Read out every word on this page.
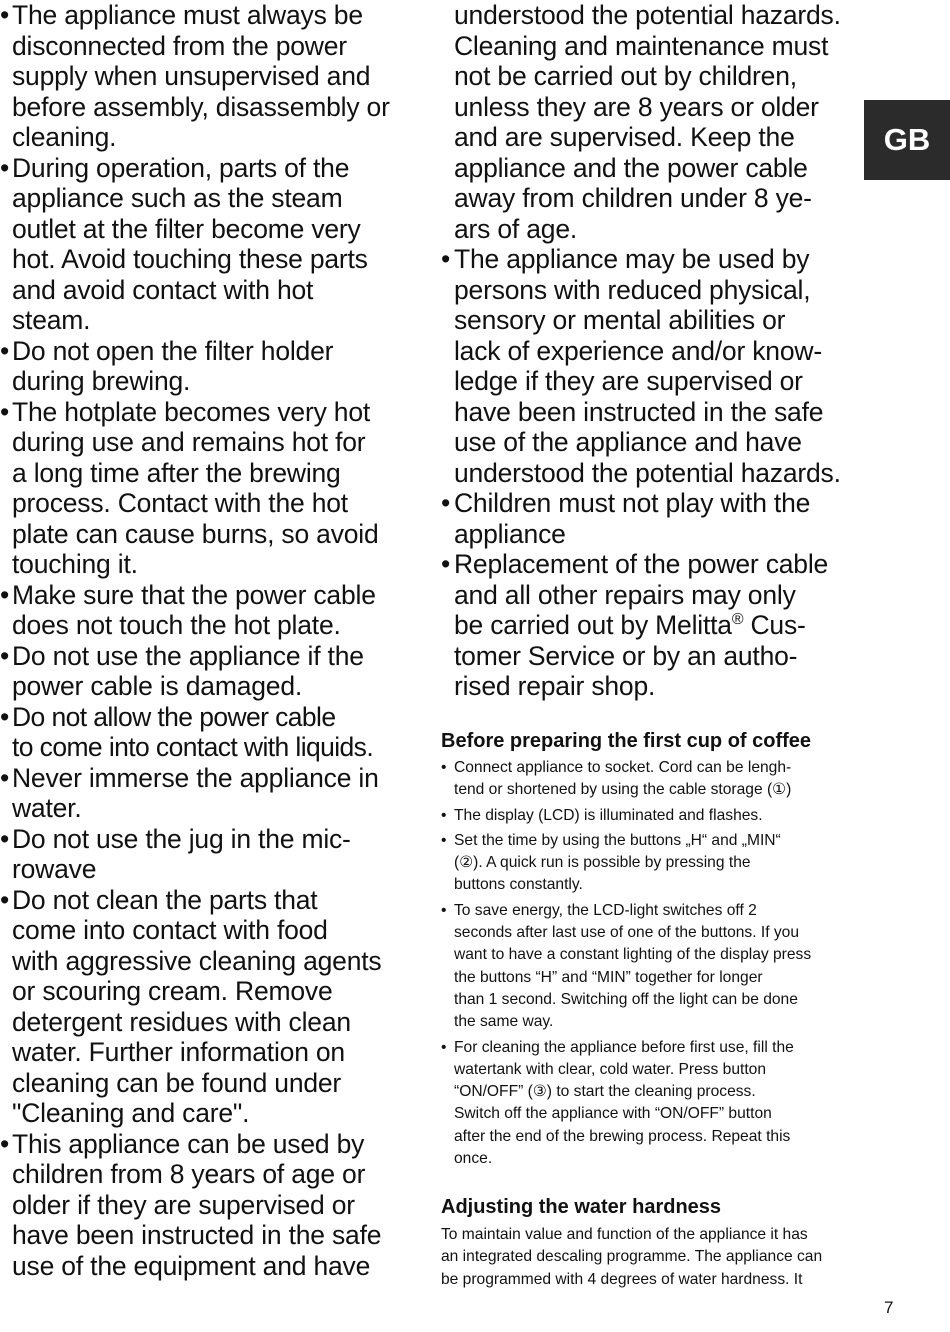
• The appliance must always be
disconnected from the power
supply when unsupervised and
before assembly, disassembly or
cleaning.
• During operation, parts of the
appliance such as the steam
outlet at the filter become very
hot. Avoid touching these parts
and avoid contact with hot
steam.
• Do not open the filter holder
during brewing.
• The hotplate becomes very hot
during use and remains hot for
a long time after the brewing
process. Contact with the hot
plate can cause burns, so avoid
touching it.
• Make sure that the power cable
does not touch the hot plate.
• Do not use the appliance if the
power cable is damaged.
• Do not allow the power cable
to come into contact with liquids.
• Never immerse the appliance in
water.
• Do not use the jug in the mic-
rowave
• Do not clean the parts that
come into contact with food
with aggressive cleaning agents
or scouring cream. Remove
detergent residues with clean
water. Further information on
cleaning can be found under
"Cleaning and care".
• This appliance can be used by
children from 8 years of age or
older if they are supervised or
have been instructed in the safe
use of the equipment and have
understood the potential hazards.
Cleaning and maintenance must
not be carried out by children,
unless they are 8 years or older
and are supervised. Keep the
appliance and the power cable
away from children under 8 ye-
ars of age.
• The appliance may be used by
persons with reduced physical,
sensory or mental abilities or
lack of experience and/or know-
ledge if they are supervised or
have been instructed in the safe
use of the appliance and have
understood the potential hazards.
• Children must not play with the
appliance
• Replacement of the power cable
and all other repairs may only
be carried out by Melitta® Cus-
tomer Service or by an autho-
rised repair shop.
Before preparing the first cup of coffee
• Connect appliance to socket. Cord can be lengh-
tend or shortened by using the cable storage (①)
• The display (LCD) is illuminated and flashes.
• Set the time by using the buttons „H“ and „MIN“
(②). A quick run is possible by pressing the
buttons constantly.
• To save energy, the LCD-light switches off 2
seconds after last use of one of the buttons. If you
want to have a constant lighting of the display press
the buttons “H” and “MIN” together for longer
than 1 second. Switching off the light can be done
the same way.
• For cleaning the appliance before first use, fill the
watertank with clear, cold water. Press button
“ON/OFF” (③) to start the cleaning process.
Switch off the appliance with “ON/OFF” button
after the end of the brewing process. Repeat this
once.
Adjusting the water hardness

To maintain value and function of the appliance it has
an integrated descaling programme. The appliance can
be programmed with 4 degrees of water hardness. It

GB
7
